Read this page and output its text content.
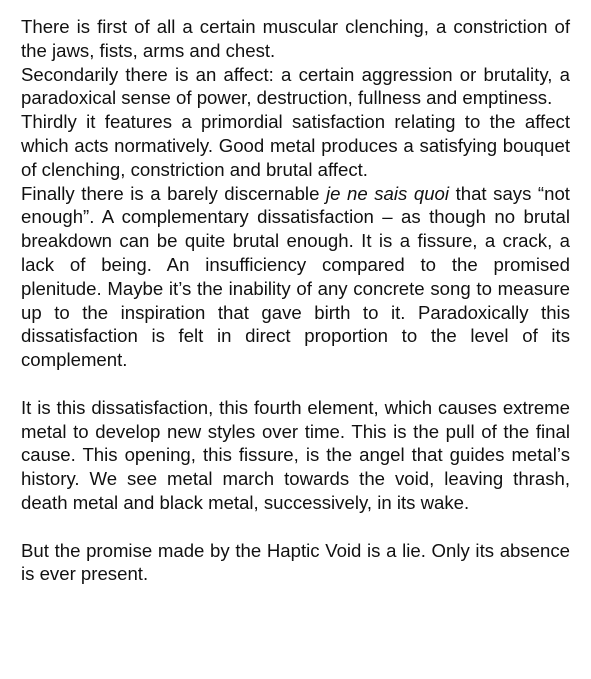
There is first of all a certain muscular clenching, a constriction of the jaws, fists, arms and chest.

Secondarily there is an affect: a certain aggression or brutality, a paradoxical sense of power, destruction, fullness and emptiness.

Thirdly it features a primordial satisfaction relating to the affect which acts normatively. Good metal produces a satisfying bouquet of clenching, constriction and brutal affect.

Finally there is a barely discernable je ne sais quoi that says “not enough”. A complementary dissatisfaction – as though no brutal breakdown can be quite brutal enough. It is a fissure, a crack, a lack of being. An insufficiency compared to the promised plenitude. Maybe it’s the inability of any concrete song to measure up to the inspiration that gave birth to it. Paradoxically this dissatisfaction is felt in direct proportion to the level of its complement.

It is this dissatisfaction, this fourth element, which causes extreme metal to develop new styles over time. This is the pull of the final cause. This opening, this fissure, is the angel that guides metal’s history. We see metal march towards the void, leaving thrash, death metal and black metal, successively, in its wake.

But the promise made by the Haptic Void is a lie. Only its absence is ever present.
